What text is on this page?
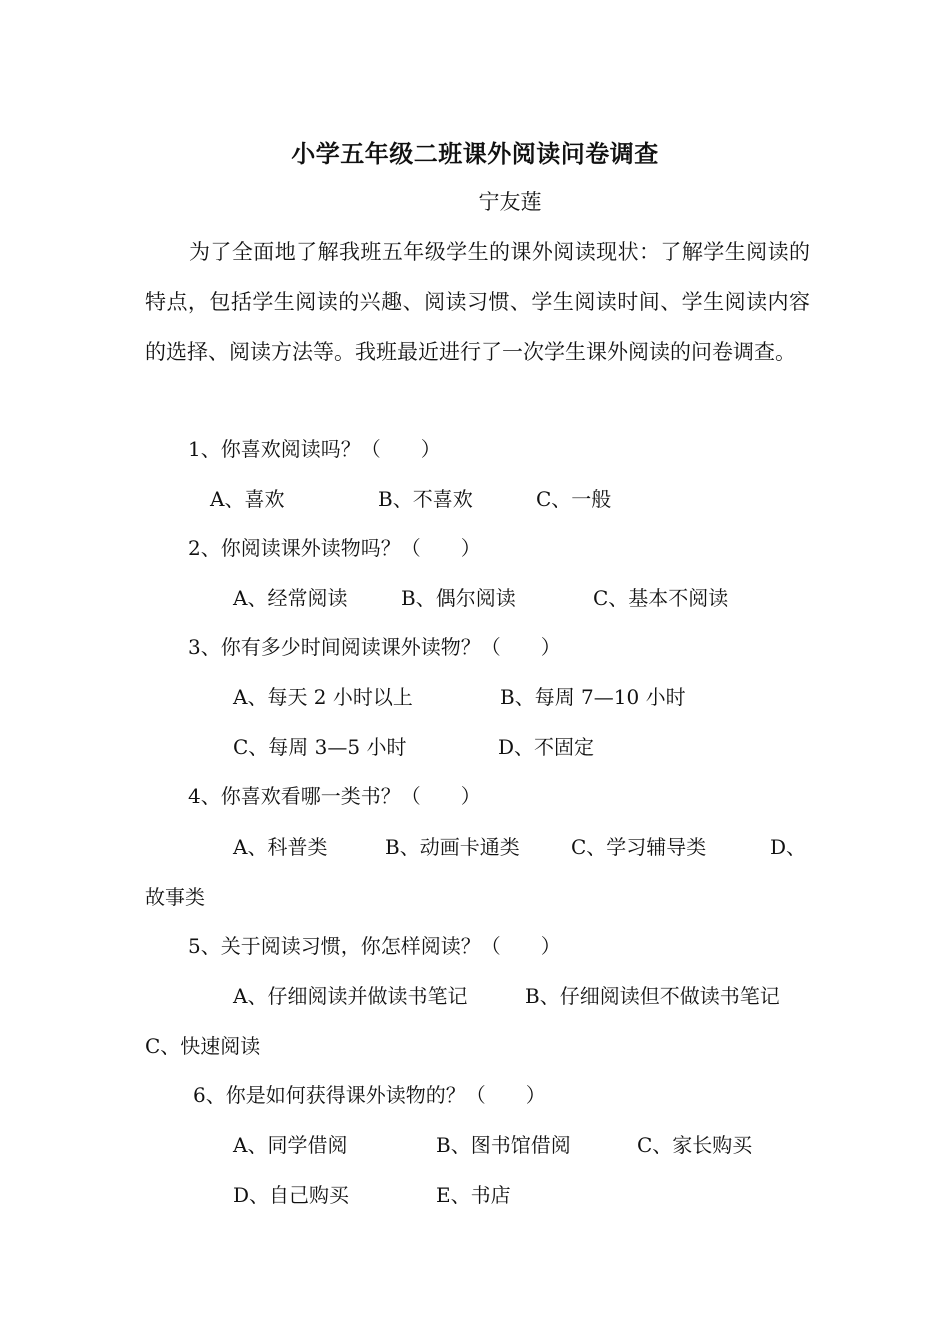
小学五年级二班课外阅读问卷调查
宁友莲

为了全面地了解我班五年级学生的课外阅读现状：了解学生阅读的特点，包括学生阅读的兴趣、阅读习惯、学生阅读时间、学生阅读内容的选择、阅读方法等。我班最近进行了一次学生课外阅读的问卷调查。

1、你喜欢阅读吗？（　　）
A、喜欢	B、不喜欢	C、一般
2、你阅读课外读物吗？（　　）
A、经常阅读	B、偶尔阅读	C、基本不阅读
3、你有多少时间阅读课外读物？（　　）
A、每天 2 小时以上	B、每周 7—10 小时
C、每周 3—5 小时	D、不固定
4、你喜欢看哪一类书？（　　）
A、科普类	B、动画卡通类	C、学习辅导类	D、
故事类
5、关于阅读习惯，你怎样阅读？（　　）
A、仔细阅读并做读书笔记	B、仔细阅读但不做读书笔记
C、快速阅读
6、你是如何获得课外读物的？（　　）
A、同学借阅	B、图书馆借阅	C、家长购买
D、自己购买	E、书店
